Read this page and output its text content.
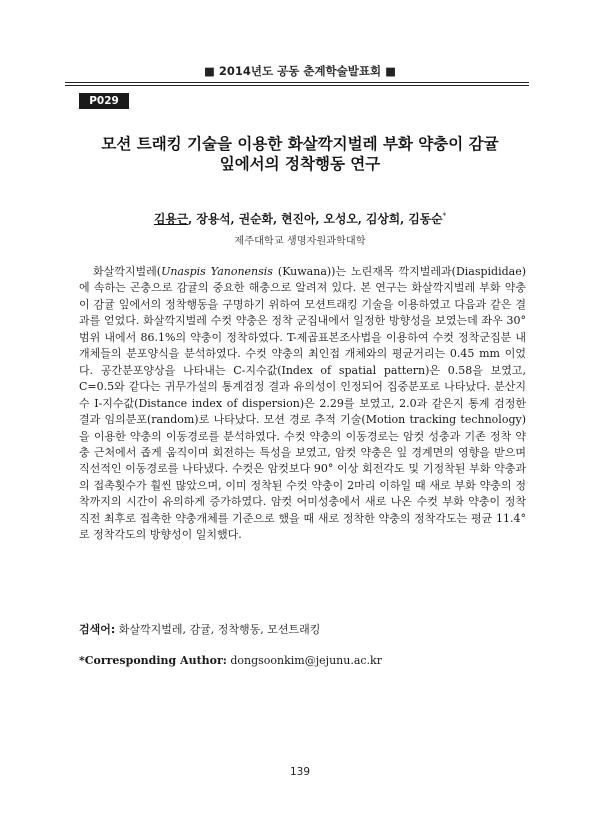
■ 2014년도 공동 춘계학술발표회 ■
P029
모션 트래킹 기술을 이용한 화살깍지벌레 부화 약충이 감귤
잎에서의 정착행동 연구
김용근, 장용석, 권순화, 현진아, 오성오, 김상희, 김동순*
제주대학교 생명자원과학대학
화살깍지벌레(Unaspis Yanonensis (Kuwana))는 노린재목 깍지벌레과(Diaspididae) 에 속하는 곤충으로 감귤의 중요한 해충으로 알려져 있다. 본 연구는 화살깍지벌레 부화 약충이 감귤 잎에서의 정착행동을 구명하기 위하여 모션트래킹 기술을 이용하였고 다음과 같은 결과를 얻었다. 화살깍지벌레 수컷 약충은 정착 군집내에서 일정한 방향성을 보였는데 좌우 30° 범위 내에서 86.1%의 약충이 정착하였다. T-제곱표본조사법을 이용하여 수컷 정착군집분 내 개체들의 분포양식을 분석하였다. 수컷 약충의 최인접 개체와의 평균거리는 0.45 mm 이었다. 공간분포양상을 나타내는 C-지수값(Index of spatial pattern)은 0.58을 보였고, C=0.5와 같다는 귀무가설의 통계검정 결과 유의성이 인정되어 집중분포로 나타났다. 분산지수 I-지수값(Distance index of dispersion)은 2.29를 보였고, 2.0과 같은지 통계 검정한 결과 임의분포(random)로 나타났다. 모션 경로 추적 기술(Motion tracking technology)을 이용한 약충의 이동경로를 분석하였다. 수컷 약충의 이동경로는 암컷 성충과 기존 정착 약충 근처에서 좁게 움직이며 회전하는 특성을 보였고, 암컷 약충은 잎 경계면의 영향을 받으며 직선적인 이동경로를 나타냈다. 수컷은 암컷보다 90° 이상 회전각도 및 기정착된 부화 약충과의 접촉횟수가 훨씬 많았으며, 이미 정착된 수컷 약충이 2마리 이하일 때 새로 부화 약충의 정착까지의 시간이 유의하게 증가하였다. 암컷 어미성충에서 새로 나온 수컷 부화 약충이 정착 직전 최후로 접촉한 약충개체를 기준으로 했을 때 새로 정착한 약충의 정착각도는 평균 11.4°로 정착각도의 방향성이 일치했다.
검색어: 화살깍지벌레, 감귤, 정착행동, 모션트래킹
*Corresponding Author: dongsoonkim@jejunu.ac.kr
139
